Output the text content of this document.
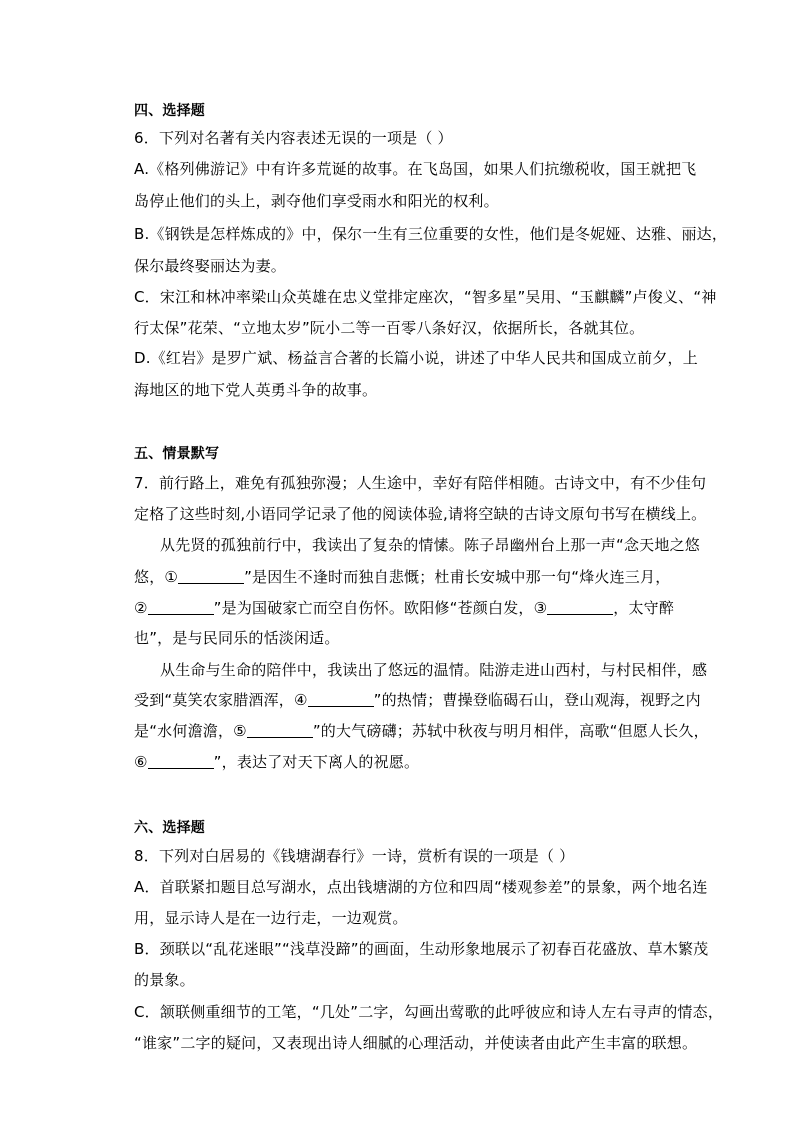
四、选择题
6．下列对名著有关内容表述无误的一项是（ ）
A.《格列佛游记》中有许多荒诞的故事。在飞岛国，如果人们抗缴税收，国王就把飞
岛停止他们的头上，剥夺他们享受雨水和阳光的权利。
B.《钢铁是怎样炼成的》中，保尔一生有三位重要的女性，他们是冬妮娅、达雅、丽达，
保尔最终娶丽达为妻。
C．宋江和林冲率梁山众英雄在忠义堂排定座次，“智多星”吴用、“玉麒麟”卢俊义、“神
行太保”花荣、“立地太岁”阮小二等一百零八条好汉，依据所长，各就其位。
D.《红岩》是罗广斌、杨益言合著的长篇小说，讲述了中华人民共和国成立前夕，上
海地区的地下党人英勇斗争的故事。
五、情景默写
7．前行路上，难免有孤独弥漫；人生途中，幸好有陪伴相随。古诗文中，有不少佳句
定格了这些时刻,小语同学记录了他的阅读体验,请将空缺的古诗文原句书写在横线上。
从先贤的孤独前行中，我读出了复杂的情愫。陈子昂幽州台上那一声“念天地之悠
悠，①	”是因生不逢时而独自悲慨；杜甫长安城中那一句“烽火连三月，
②	”是为国破家亡而空自伤怀。欧阳修“苍颜白发，③	，太守醉
也”，是与民同乐的恬淡闲适。
从生命与生命的陪伴中，我读出了悠远的温情。陆游走进山西村，与村民相伴，感
受到“莫笑农家腊酒浑，④	”的热情；曹操登临碣石山，登山观海，视野之内
是“水何澹澹，⑤	”的大气磅礴；苏轼中秋夜与明月相伴，高歌“但愿人长久，
⑥	”，表达了对天下离人的祝愿。
六、选择题
8．下列对白居易的《钱塘湖春行》一诗，赏析有误的一项是（ ）
A．首联紧扣题目总写湖水，点出钱塘湖的方位和四周“楼观参差”的景象，两个地名连
用，显示诗人是在一边行走，一边观赏。
B．颈联以“乱花迷眼”“浅草没蹄”的画面，生动形象地展示了初春百花盛放、草木繁茂
的景象。
C．颔联侧重细节的工笔，“几处”二字，勾画出莺歌的此呼彼应和诗人左右寻声的情态，
“谁家”二字的疑问，又表现出诗人细腻的心理活动，并使读者由此产生丰富的联想。
